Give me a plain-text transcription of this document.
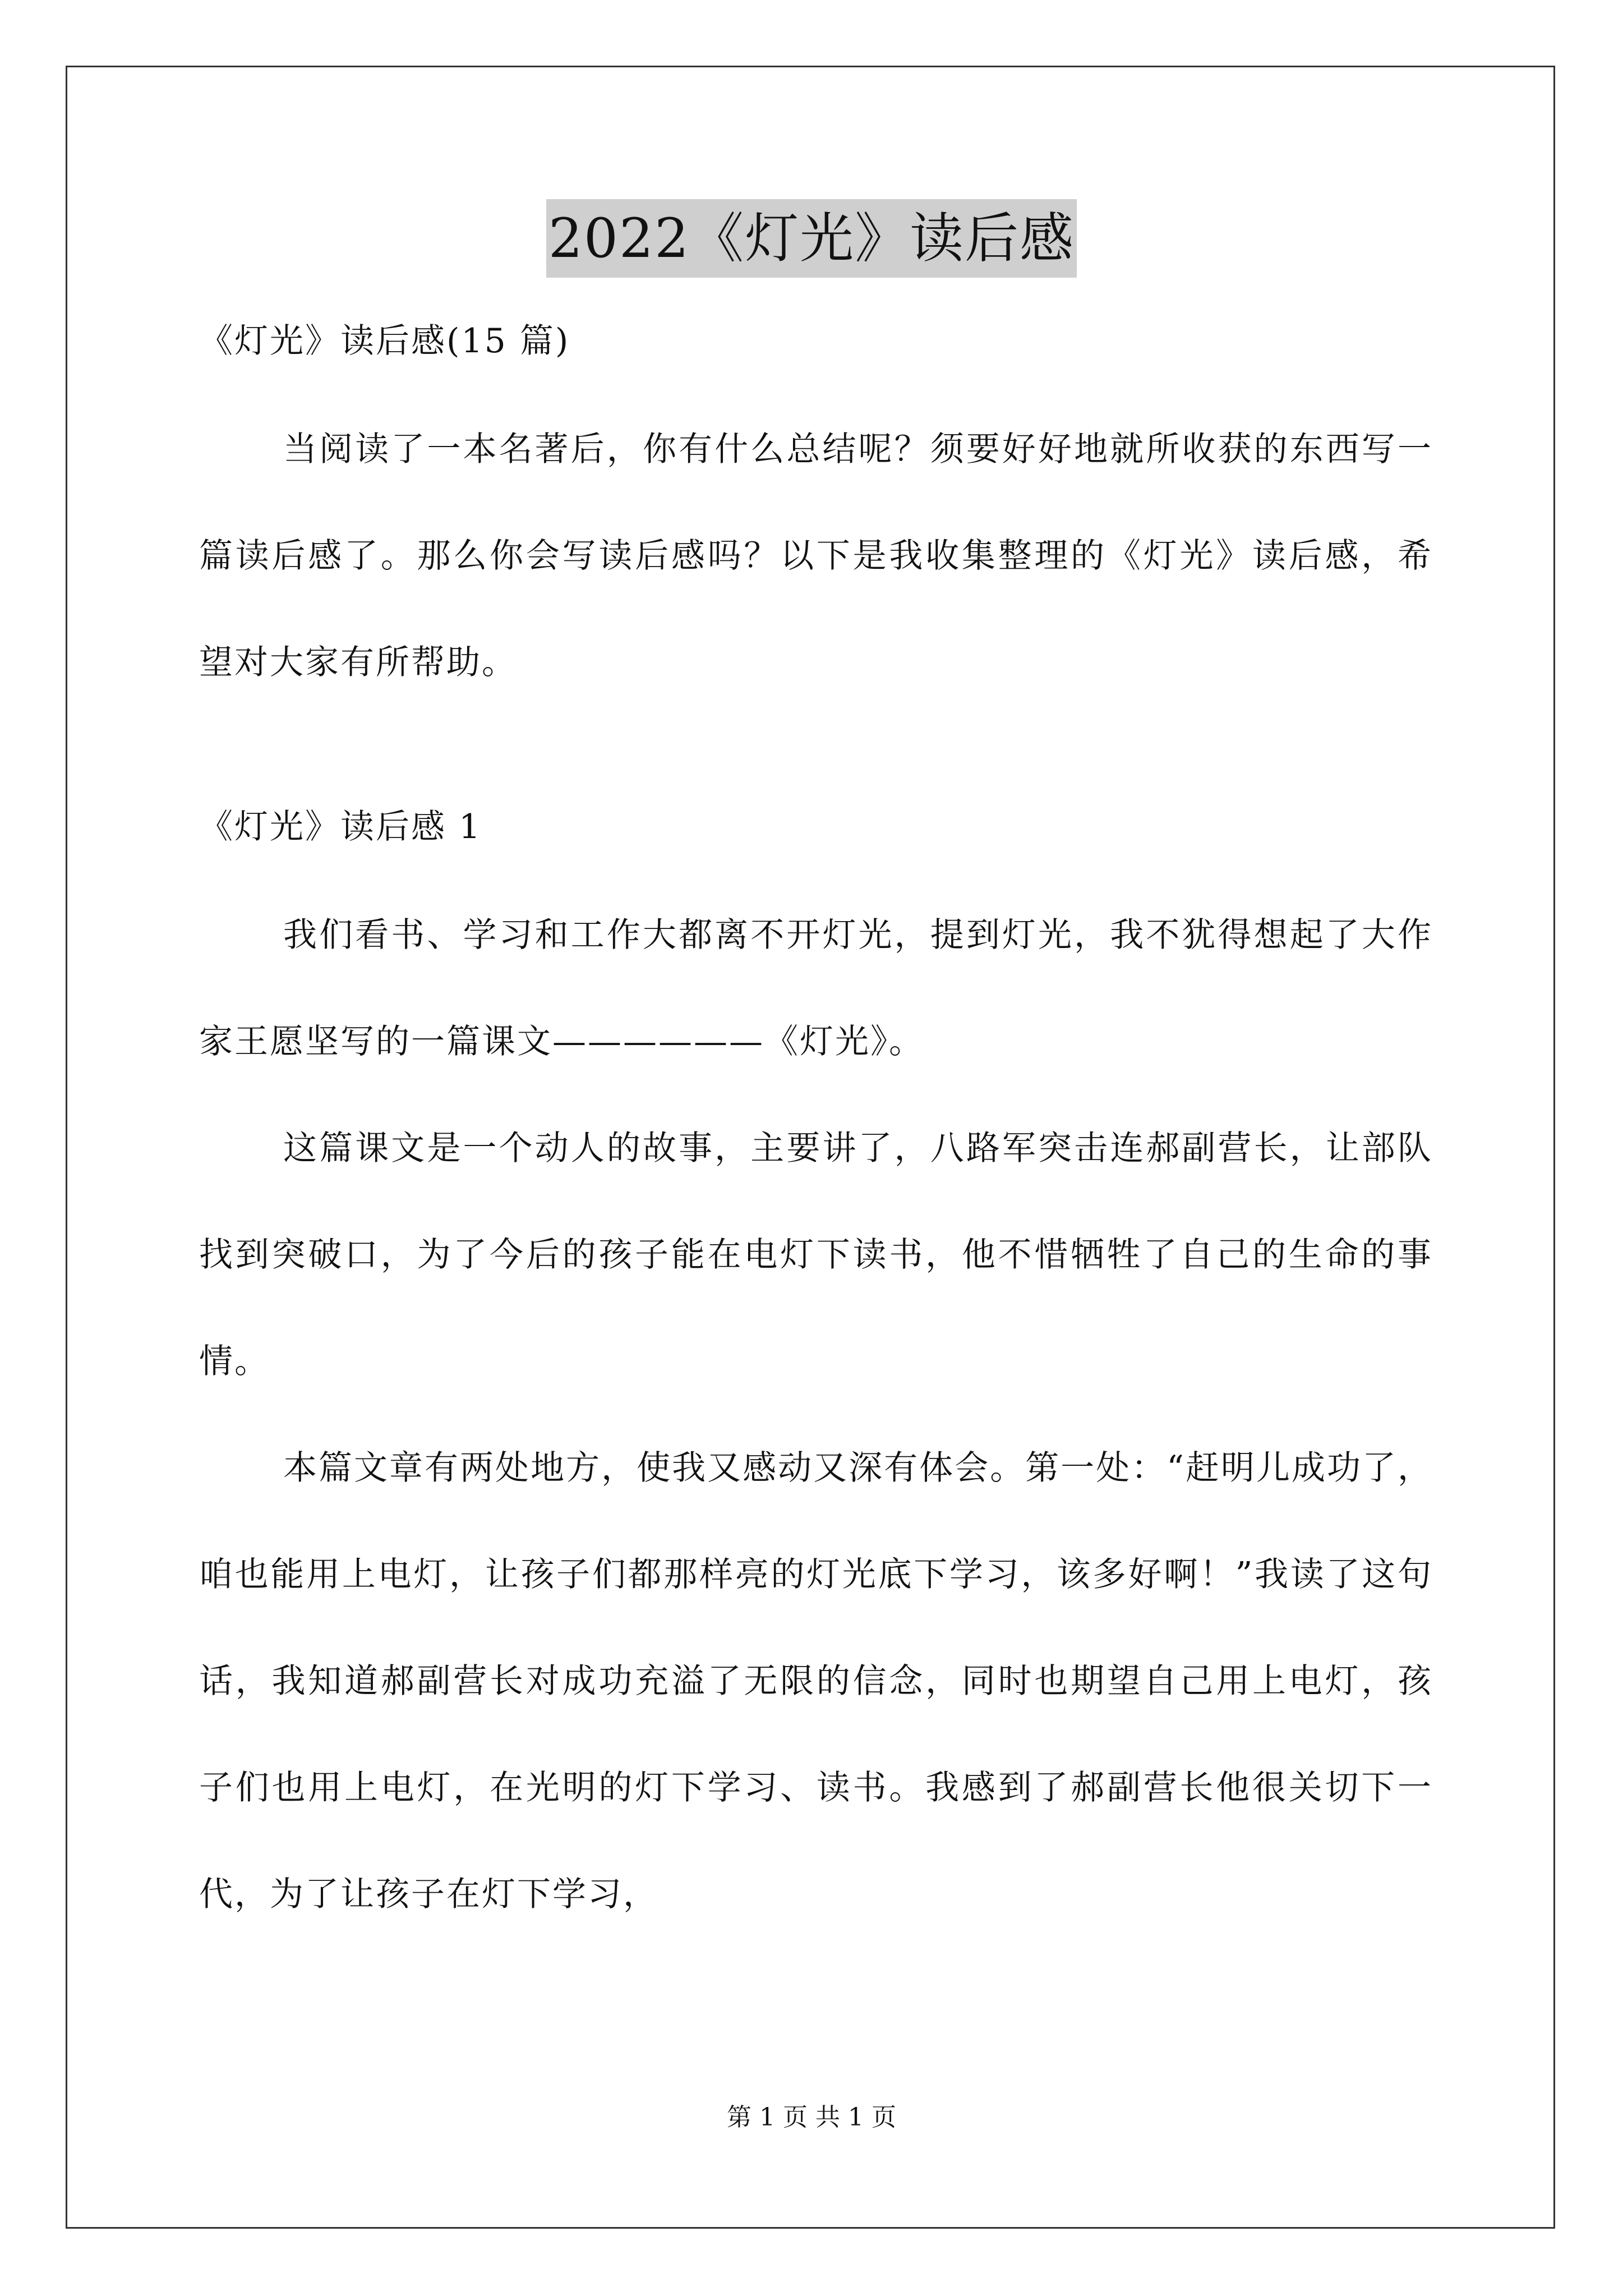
2022《灯光》读后感

《灯光》读后感(15 篇)

当阅读了一本名著后，你有什么总结呢？须要好好地就所收获的东西写一篇读后感了。那么你会写读后感吗？以下是我收集整理的《灯光》读后感，希望对大家有所帮助。

《灯光》读后感 1

我们看书、学习和工作大都离不开灯光，提到灯光，我不犹得想起了大作家王愿坚写的一篇课文——————《灯光》。

这篇课文是一个动人的故事，主要讲了，八路军突击连郝副营长，让部队找到突破口，为了今后的孩子能在电灯下读书，他不惜牺牲了自己的生命的事情。

本篇文章有两处地方，使我又感动又深有体会。第一处：“赶明儿成功了，咱也能用上电灯，让孩子们都那样亮的灯光底下学习，该多好啊！”我读了这句话，我知道郝副营长对成功充溢了无限的信念，同时也期望自己用上电灯，孩子们也用上电灯，在光明的灯下学习、读书。我感到了郝副营长他很关切下一代，为了让孩子在灯下学习，

第 1 页 共 1 页
